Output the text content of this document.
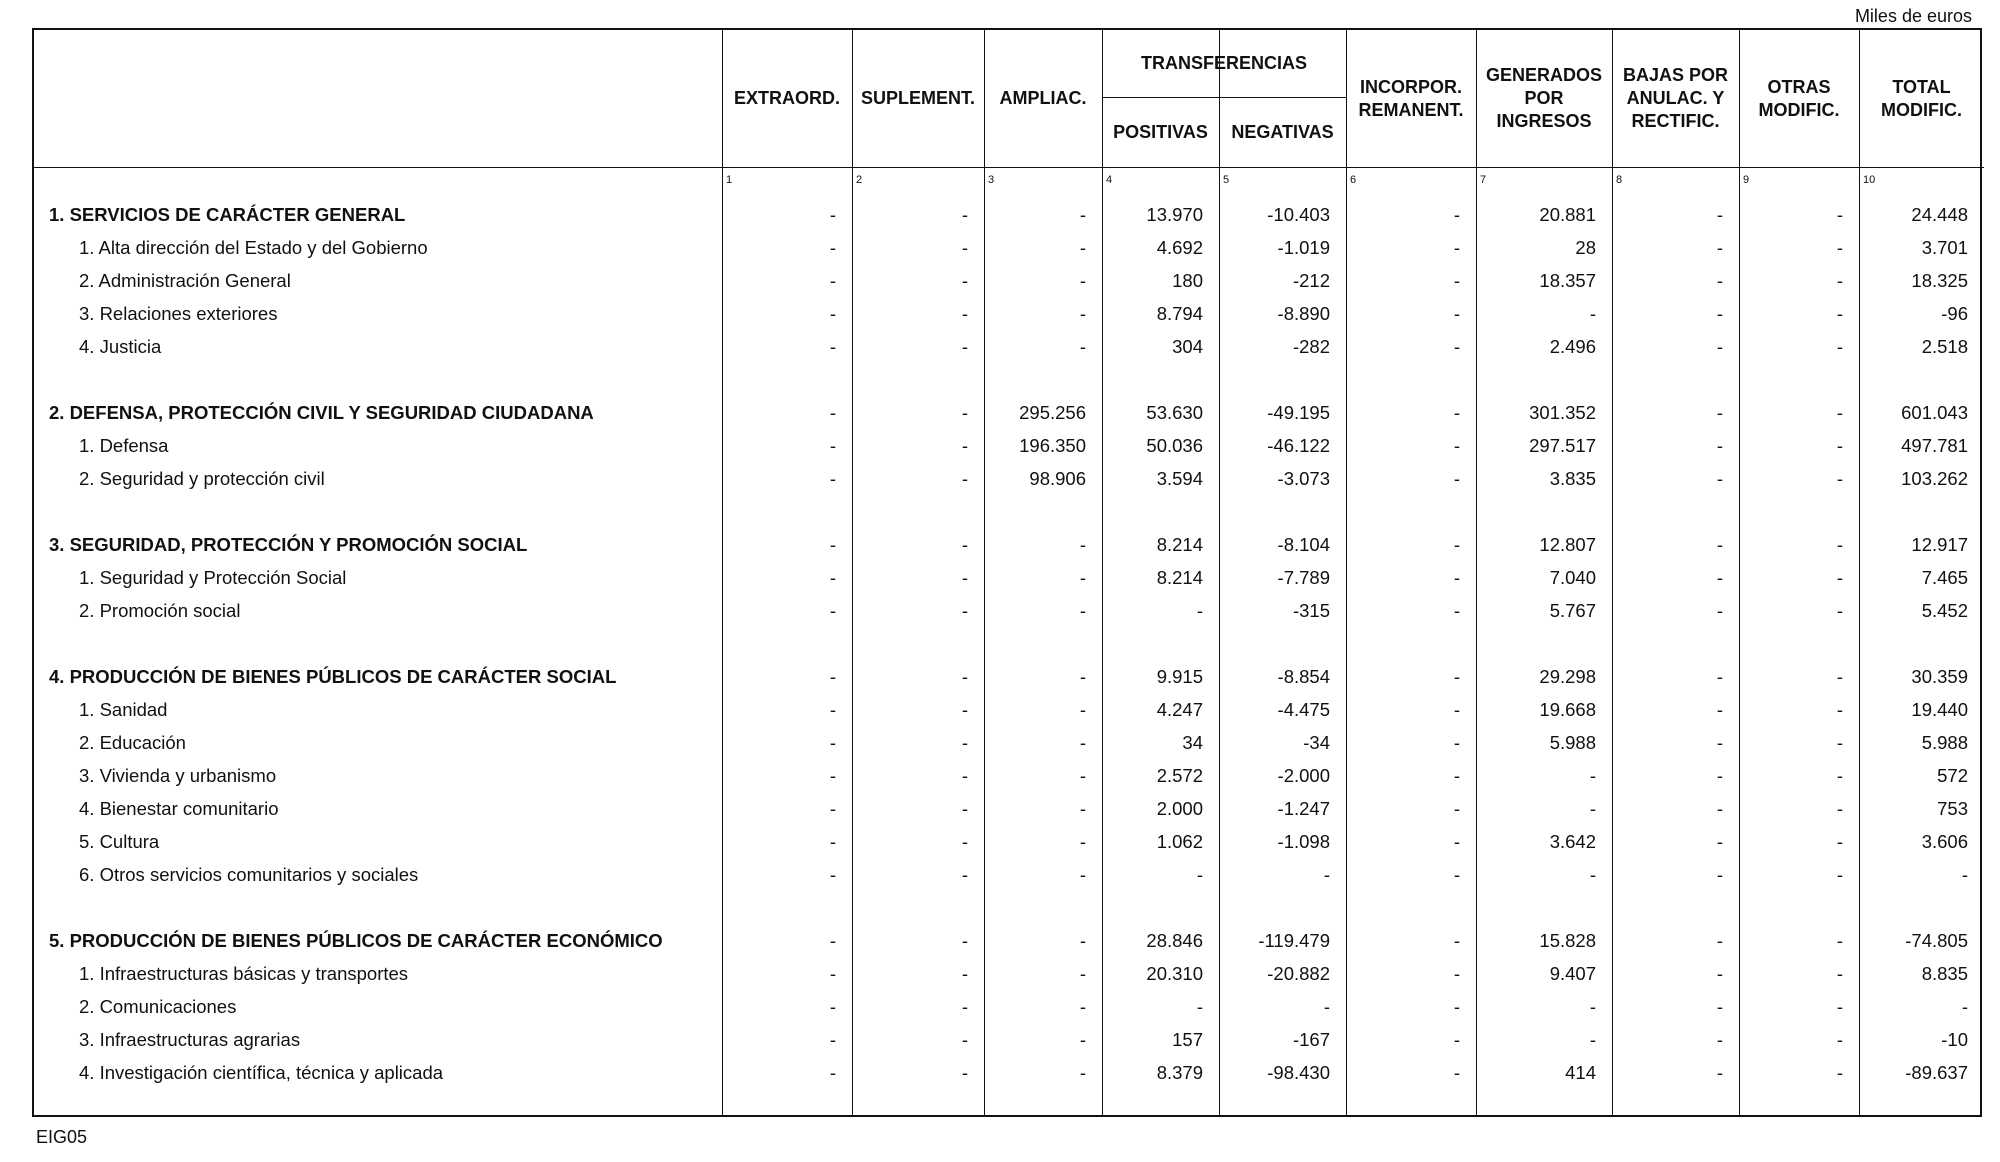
Miles de euros
EXTRAORD.	SUPLEMENT.	AMPLIAC.
TRANSFERENCIAS
POSITIVAS	NEGATIVAS
INCORPOR. REMANENT.
GENERADOS POR INGRESOS
BAJAS POR ANULAC. Y RECTIFIC.
OTRAS MODIFIC.
TOTAL MODIFIC.
1	2	3	4	5	6	7	8	9	10
1. SERVICIOS DE CARÁCTER GENERAL	-	-	-	13.970	-10.403	-	20.881	-	-	24.448
1. Alta dirección del Estado y del Gobierno	-	-	-	4.692	-1.019	-	28	-	-	3.701
2. Administración General	-	-	-	180	-212	-	18.357	-	-	18.325
3. Relaciones exteriores	-	-	-	8.794	-8.890	-	-	-	-	-96
4. Justicia	-	-	-	304	-282	-	2.496	-	-	2.518
2. DEFENSA, PROTECCIÓN CIVIL Y SEGURIDAD CIUDADANA	-	-	295.256	53.630	-49.195	-	301.352	-	-	601.043
1. Defensa	-	-	196.350	50.036	-46.122	-	297.517	-	-	497.781
2. Seguridad y protección civil	-	-	98.906	3.594	-3.073	-	3.835	-	-	103.262
3. SEGURIDAD, PROTECCIÓN Y PROMOCIÓN SOCIAL	-	-	-	8.214	-8.104	-	12.807	-	-	12.917
1. Seguridad y Protección Social	-	-	-	8.214	-7.789	-	7.040	-	-	7.465
2. Promoción social	-	-	-	-	-315	-	5.767	-	-	5.452
4. PRODUCCIÓN DE BIENES PÚBLICOS DE CARÁCTER SOCIAL	-	-	-	9.915	-8.854	-	29.298	-	-	30.359
1. Sanidad	-	-	-	4.247	-4.475	-	19.668	-	-	19.440
2. Educación	-	-	-	34	-34	-	5.988	-	-	5.988
3. Vivienda y urbanismo	-	-	-	2.572	-2.000	-	-	-	-	572
4. Bienestar comunitario	-	-	-	2.000	-1.247	-	-	-	-	753
5. Cultura	-	-	-	1.062	-1.098	-	3.642	-	-	3.606
6. Otros servicios comunitarios y sociales	-	-	-	-	-	-	-	-	-	-
5. PRODUCCIÓN DE BIENES PÚBLICOS DE CARÁCTER ECONÓMICO	-	-	-	28.846	-119.479	-	15.828	-	-	-74.805
1. Infraestructuras básicas y transportes	-	-	-	20.310	-20.882	-	9.407	-	-	8.835
2. Comunicaciones	-	-	-	-	-	-	-	-	-	-
3. Infraestructuras agrarias	-	-	-	157	-167	-	-	-	-	-10
4. Investigación científica, técnica y aplicada	-	-	-	8.379	-98.430	-	414	-	-	-89.637
EIG05
